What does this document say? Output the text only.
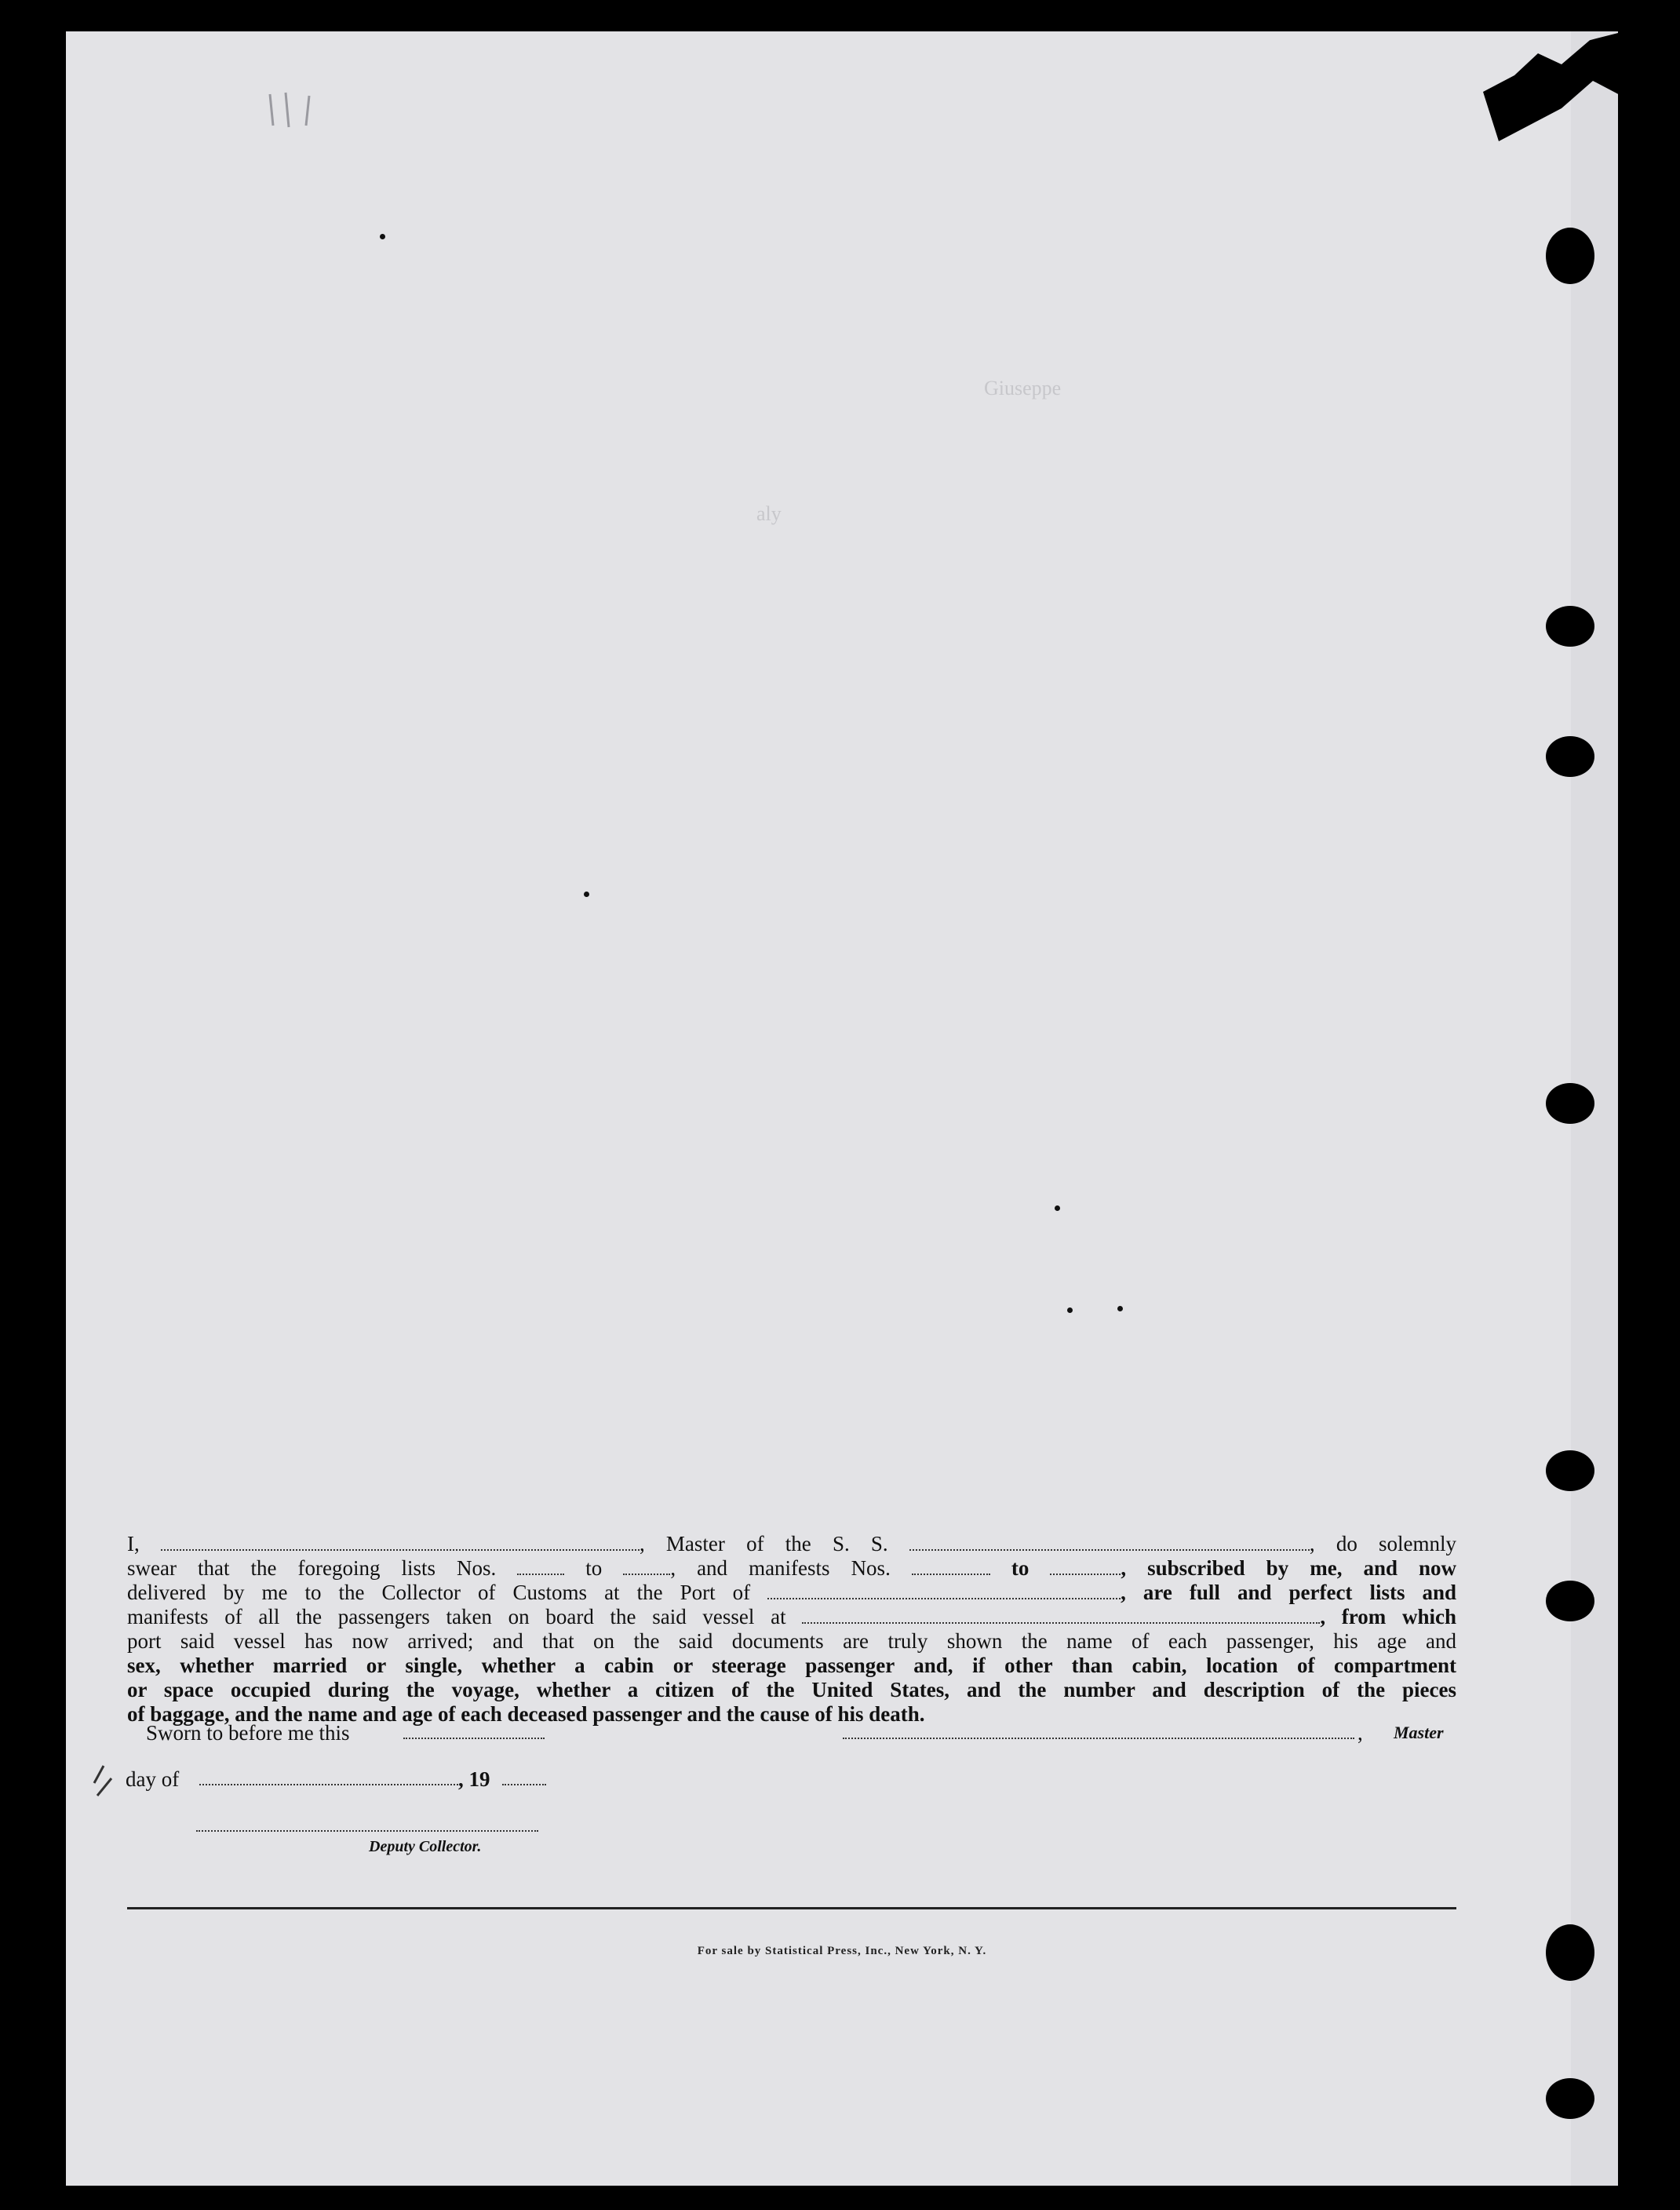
Giuseppe
aly
I,	, Master of the S. S.	, do solemnly
swear that the foregoing lists Nos.	to	, and manifests Nos.	to	, subscribed by me, and now
delivered by me to the Collector of Customs at the Port of	, are full and perfect lists and
manifests of all the passengers taken on board the said vessel at	, from which
port said vessel has now arrived; and that on the said documents are truly shown the name of each passenger, his age and
sex, whether married or single, whether a cabin or steerage passenger and, if other than cabin, location of compartment
or space occupied during the voyage, whether a citizen of the United States, and the number and description of the pieces
of baggage, and the name and age of each deceased passenger and the cause of his death.
Sworn to before me this	, Master
day of	, 19
Deputy Collector.
For sale by Statistical Press, Inc., New York, N. Y.
